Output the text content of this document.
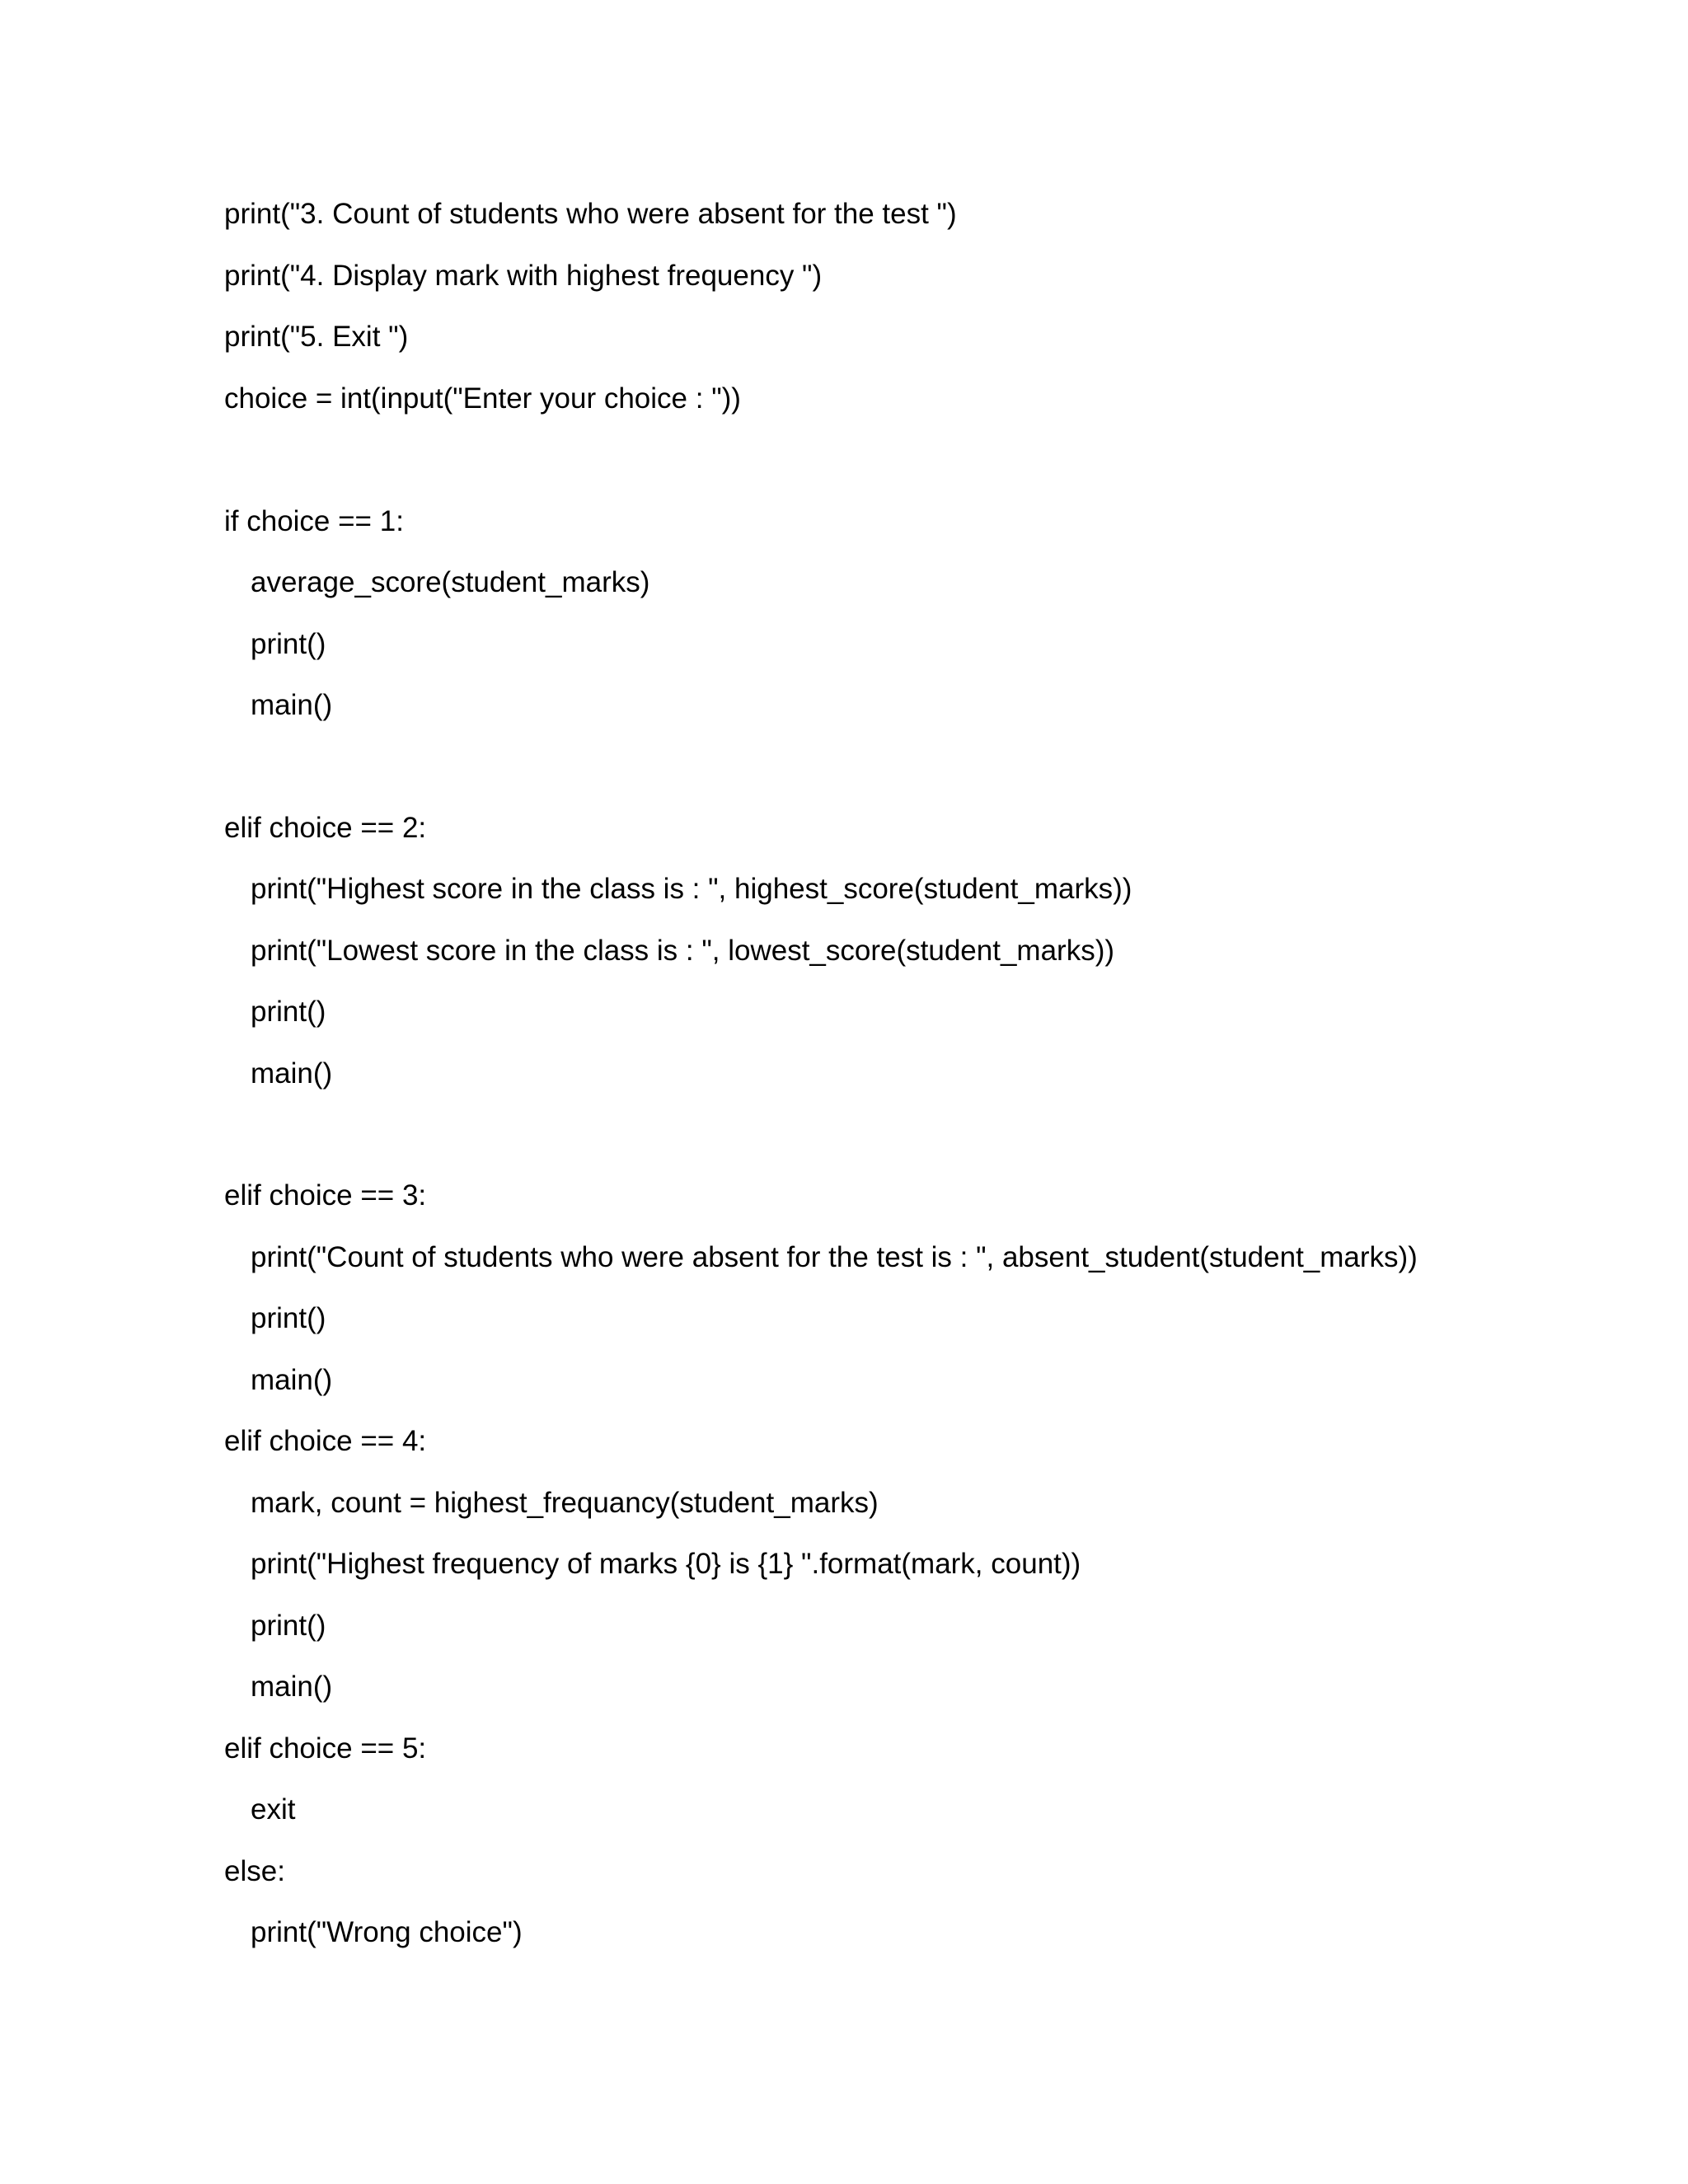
print("3. Count of students who were absent for the test ")
print("4. Display mark with highest frequency ")
print("5. Exit ")
choice = int(input("Enter your choice : "))
if choice == 1:
average_score(student_marks)
print()
main()
elif choice == 2:
print("Highest score in the class is : ", highest_score(student_marks))
print("Lowest score in the class is : ", lowest_score(student_marks))
print()
main()
elif choice == 3:
print("Count of students who were absent for the test is : ", absent_student(student_marks))
print()
main()
elif choice == 4:
mark, count = highest_frequancy(student_marks)
print("Highest frequency of marks {0} is {1} ".format(mark, count))
print()
main()
elif choice == 5:
exit
else:
print("Wrong choice")
